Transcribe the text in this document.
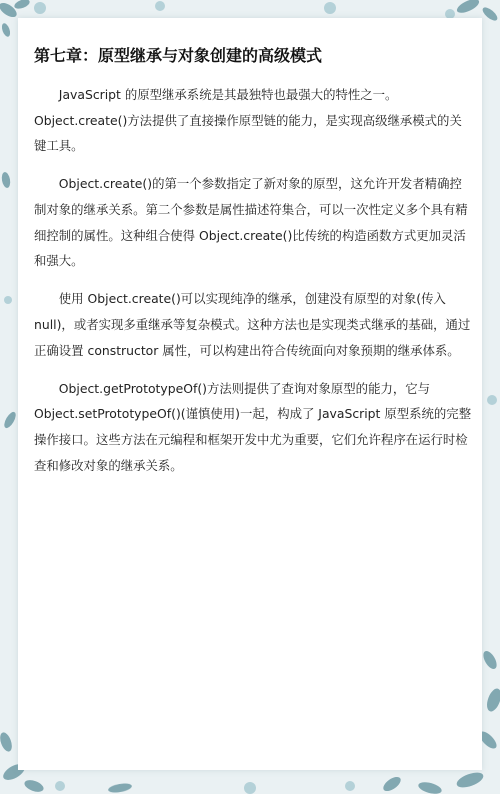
第七章：原型继承与对象创建的高级模式

JavaScript 的原型继承系统是其最独特也最强大的特性之一。Object.create()方法提供了直接操作原型链的能力，是实现高级继承模式的关键工具。

Object.create()的第一个参数指定了新对象的原型，这允许开发者精确控制对象的继承关系。第二个参数是属性描述符集合，可以一次性定义多个具有精细控制的属性。这种组合使得 Object.create()比传统的构造函数方式更加灵活和强大。

使用 Object.create()可以实现纯净的继承，创建没有原型的对象(传入 null)，或者实现多重继承等复杂模式。这种方法也是实现类式继承的基础，通过正确设置 constructor 属性，可以构建出符合传统面向对象预期的继承体系。

Object.getPrototypeOf()方法则提供了查询对象原型的能力，它与 Object.setPrototypeOf()(谨慎使用)一起，构成了 JavaScript 原型系统的完整操作接口。这些方法在元编程和框架开发中尤为重要，它们允许程序在运行时检查和修改对象的继承关系。
